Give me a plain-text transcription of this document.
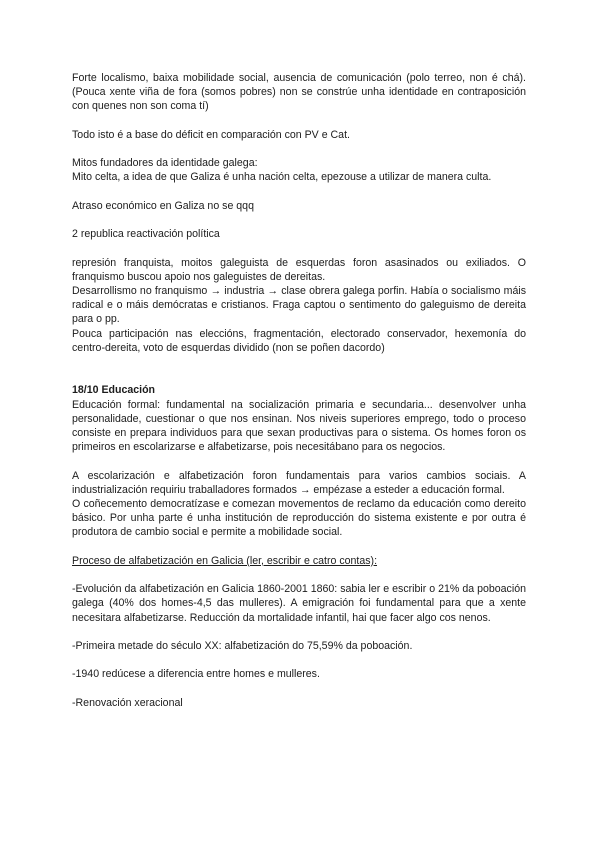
Forte localismo, baixa mobilidade social, ausencia de comunicación (polo terreo, non é chá). (Pouca xente viña de fora (somos pobres) non se constrúe unha identidade en contraposición con quenes non son coma tí)

Todo isto é a base do déficit en comparación con PV e Cat.

Mitos fundadores da identidade galega:

Mito celta, a idea de que Galiza é unha nación celta, epezouse a utilizar de manera culta.

Atraso económico en Galiza no se qqq

2 republica reactivación política

represión franquista, moitos galeguista de esquerdas foron asasinados ou exiliados. O franquismo buscou apoio nos galeguistes de dereitas.

Desarrollismo no franquismo → industria → clase obrera galega porfin. Había o socialismo máis radical e o máis demócratas e cristianos. Fraga captou o sentimento do galeguismo de dereita para o pp.

Pouca participación nas eleccións, fragmentación, electorado conservador, hexemonía do centro-dereita, voto de esquerdas dividido (non se poñen dacordo)

18/10 Educación

Educación formal: fundamental na socialización primaria e secundaria... desenvolver unha personalidade, cuestionar o que nos ensinan. Nos niveis superiores emprego, todo o proceso consiste en prepara individuos para que sexan productivas para o sistema. Os homes foron os primeiros en escolarizarse e alfabetizarse, pois necesitábano para os negocios.

A escolarización e alfabetización foron fundamentais para varios cambios sociais. A industrialización requiriu traballadores formados → empézase a esteder a educación formal.

O coñecemento democratízase e comezan movementos de reclamo da educación como dereito básico. Por unha parte é unha institución de reproducción do sistema existente e por outra é produtora de cambio social e permite a mobilidade social.

Proceso de alfabetización en Galicia (ler, escribir e catro contas):

-Evolución da alfabetización en Galicia 1860-2001 1860: sabia ler e escribir o 21% da poboación galega (40% dos homes-4,5 das mulleres). A emigración foi fundamental para que a xente necesitara alfabetizarse. Reducción da mortalidade infantil, hai que facer algo cos nenos.

-Primeira metade do século XX: alfabetización do 75,59% da poboación.

-1940 redúcese a diferencia entre homes e mulleres.

-Renovación xeracional
